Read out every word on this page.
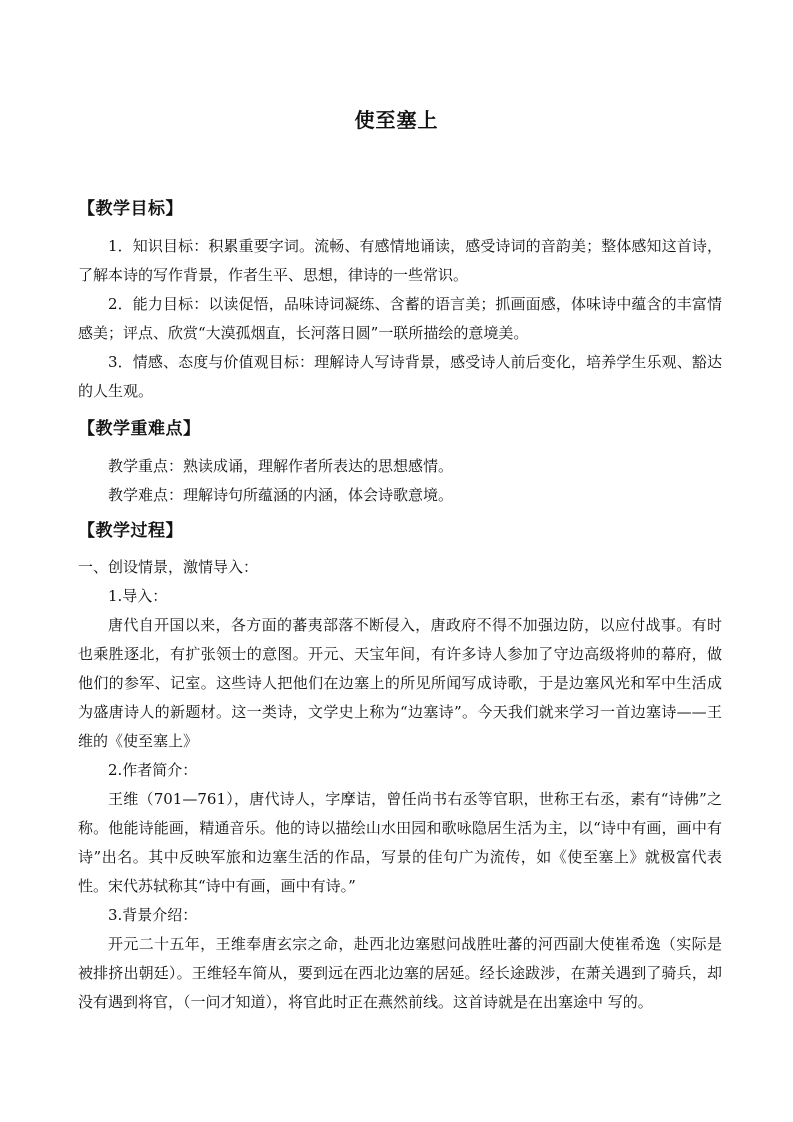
使至塞上
【教学目标】
1．知识目标：积累重要字词。流畅、有感情地诵读，感受诗词的音韵美；整体感知这首诗，了解本诗的写作背景，作者生平、思想，律诗的一些常识。
2．能力目标：以读促悟，品味诗词凝练、含蓄的语言美；抓画面感，体味诗中蕴含的丰富情感美；评点、欣赏“大漠孤烟直，长河落日圆”一联所描绘的意境美。
3．情感、态度与价值观目标：理解诗人写诗背景，感受诗人前后变化，培养学生乐观、豁达的人生观。
【教学重难点】
教学重点：熟读成诵，理解作者所表达的思想感情。
教学难点：理解诗句所蕴涵的内涵，体会诗歌意境。
【教学过程】
一、创设情景，激情导入：
1.导入：
唐代自开国以来，各方面的蕃夷部落不断侵入，唐政府不得不加强边防，以应付战事。有时也乘胜逐北，有扩张领士的意图。开元、天宝年间，有许多诗人参加了守边高级将帅的幕府，做他们的参军、记室。这些诗人把他们在边塞上的所见所闻写成诗歌，于是边塞风光和军中生活成为盛唐诗人的新题材。这一类诗，文学史上称为“边塞诗”。今天我们就来学习一首边塞诗——王维的《使至塞上》
2.作者简介：
王维（701—761），唐代诗人，字摩诘，曾任尚书右丞等官职，世称王右丞，素有“诗佛”之称。他能诗能画，精通音乐。他的诗以描绘山水田园和歌咏隐居生活为主，以“诗中有画，画中有诗”出名。其中反映军旅和边塞生活的作品，写景的佳句广为流传，如《使至塞上》就极富代表性。宋代苏轼称其“诗中有画，画中有诗。”
3.背景介绍：
开元二十五年，王维奉唐玄宗之命，赴西北边塞慰问战胜吐蕃的河西副大使崔希逸（实际是被排挤出朝廷）。王维轻车简从，要到远在西北边塞的居延。经长途跋涉，在萧关遇到了骑兵，却没有遇到将官，（一问才知道），将官此时正在燕然前线。这首诗就是在出塞途中 写的。
